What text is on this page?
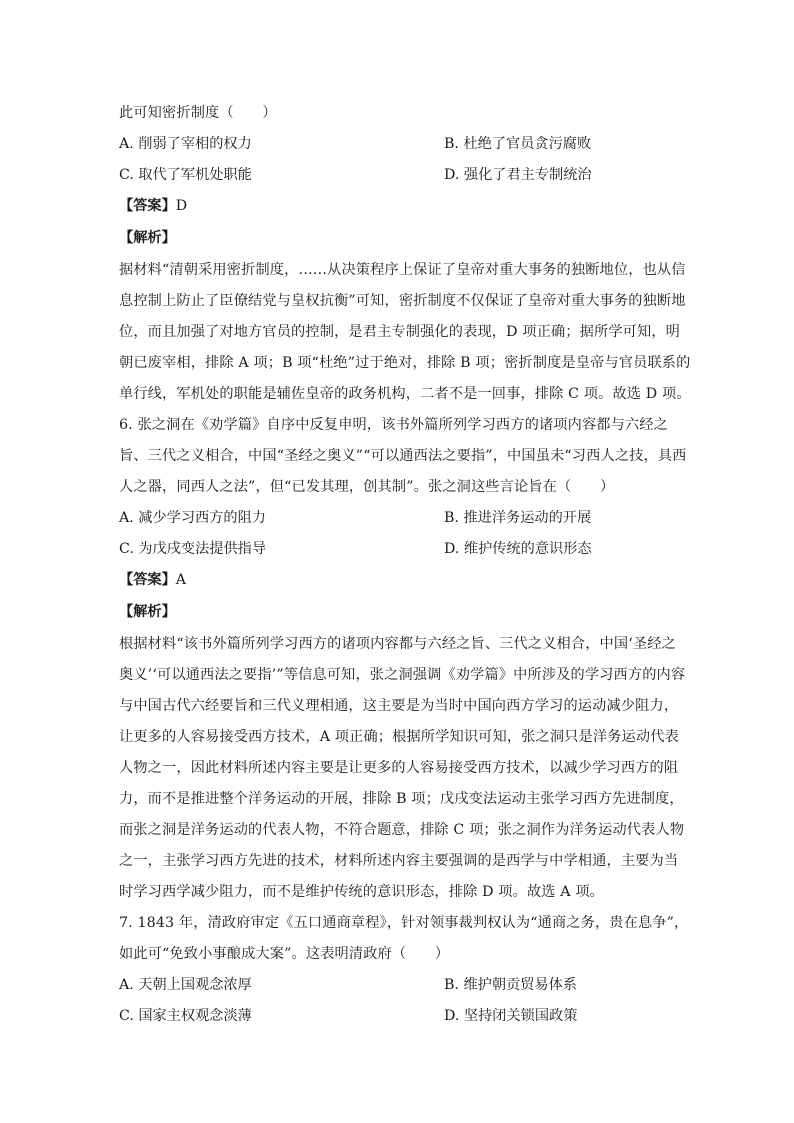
此可知密折制度（　　）
A. 削弱了宰相的权力	B. 杜绝了官员贪污腐败
C. 取代了军机处职能	D. 强化了君主专制统治
【答案】D
【解析】
据材料“清朝采用密折制度，……从决策程序上保证了皇帝对重大事务的独断地位，也从信
息控制上防止了臣僚结党与皇权抗衡”可知，密折制度不仅保证了皇帝对重大事务的独断地
位，而且加强了对地方官员的控制，是君主专制强化的表现，D 项正确；据所学可知，明
朝已废宰相，排除 A 项；B 项“杜绝”过于绝对，排除 B 项；密折制度是皇帝与官员联系的
单行线，军机处的职能是辅佐皇帝的政务机构，二者不是一回事，排除 C 项。故选 D 项。
6. 张之洞在《劝学篇》自序中反复申明，该书外篇所列学习西方的诸项内容都与六经之
旨、三代之义相合，中国“圣经之奥义”“可以通西法之要指”，中国虽未“习西人之技，具西
人之器，同西人之法”，但“已发其理，创其制”。张之洞这些言论旨在（　　）
A. 减少学习西方的阻力	B. 推进洋务运动的开展
C. 为戊戌变法提供指导	D. 维护传统的意识形态
【答案】A
【解析】
根据材料“该书外篇所列学习西方的诸项内容都与六经之旨、三代之义相合，中国‘圣经之
奥义’‘可以通西法之要指’”等信息可知，张之洞强调《劝学篇》中所涉及的学习西方的内容
与中国古代六经要旨和三代义理相通，这主要是为当时中国向西方学习的运动减少阻力，
让更多的人容易接受西方技术，A 项正确；根据所学知识可知，张之洞只是洋务运动代表
人物之一，因此材料所述内容主要是让更多的人容易接受西方技术，以减少学习西方的阻
力，而不是推进整个洋务运动的开展，排除 B 项；戊戌变法运动主张学习西方先进制度，
而张之洞是洋务运动的代表人物，不符合题意，排除 C 项；张之洞作为洋务运动代表人物
之一，主张学习西方先进的技术，材料所述内容主要强调的是西学与中学相通，主要为当
时学习西学减少阻力，而不是维护传统的意识形态，排除 D 项。故选 A 项。
7. 1843 年，清政府审定《五口通商章程》，针对领事裁判权认为“通商之务，贵在息争”，
如此可“免致小事酿成大案”。这表明清政府（　　）
A. 天朝上国观念浓厚	B. 维护朝贡贸易体系
C. 国家主权观念淡薄	D. 坚持闭关锁国政策
